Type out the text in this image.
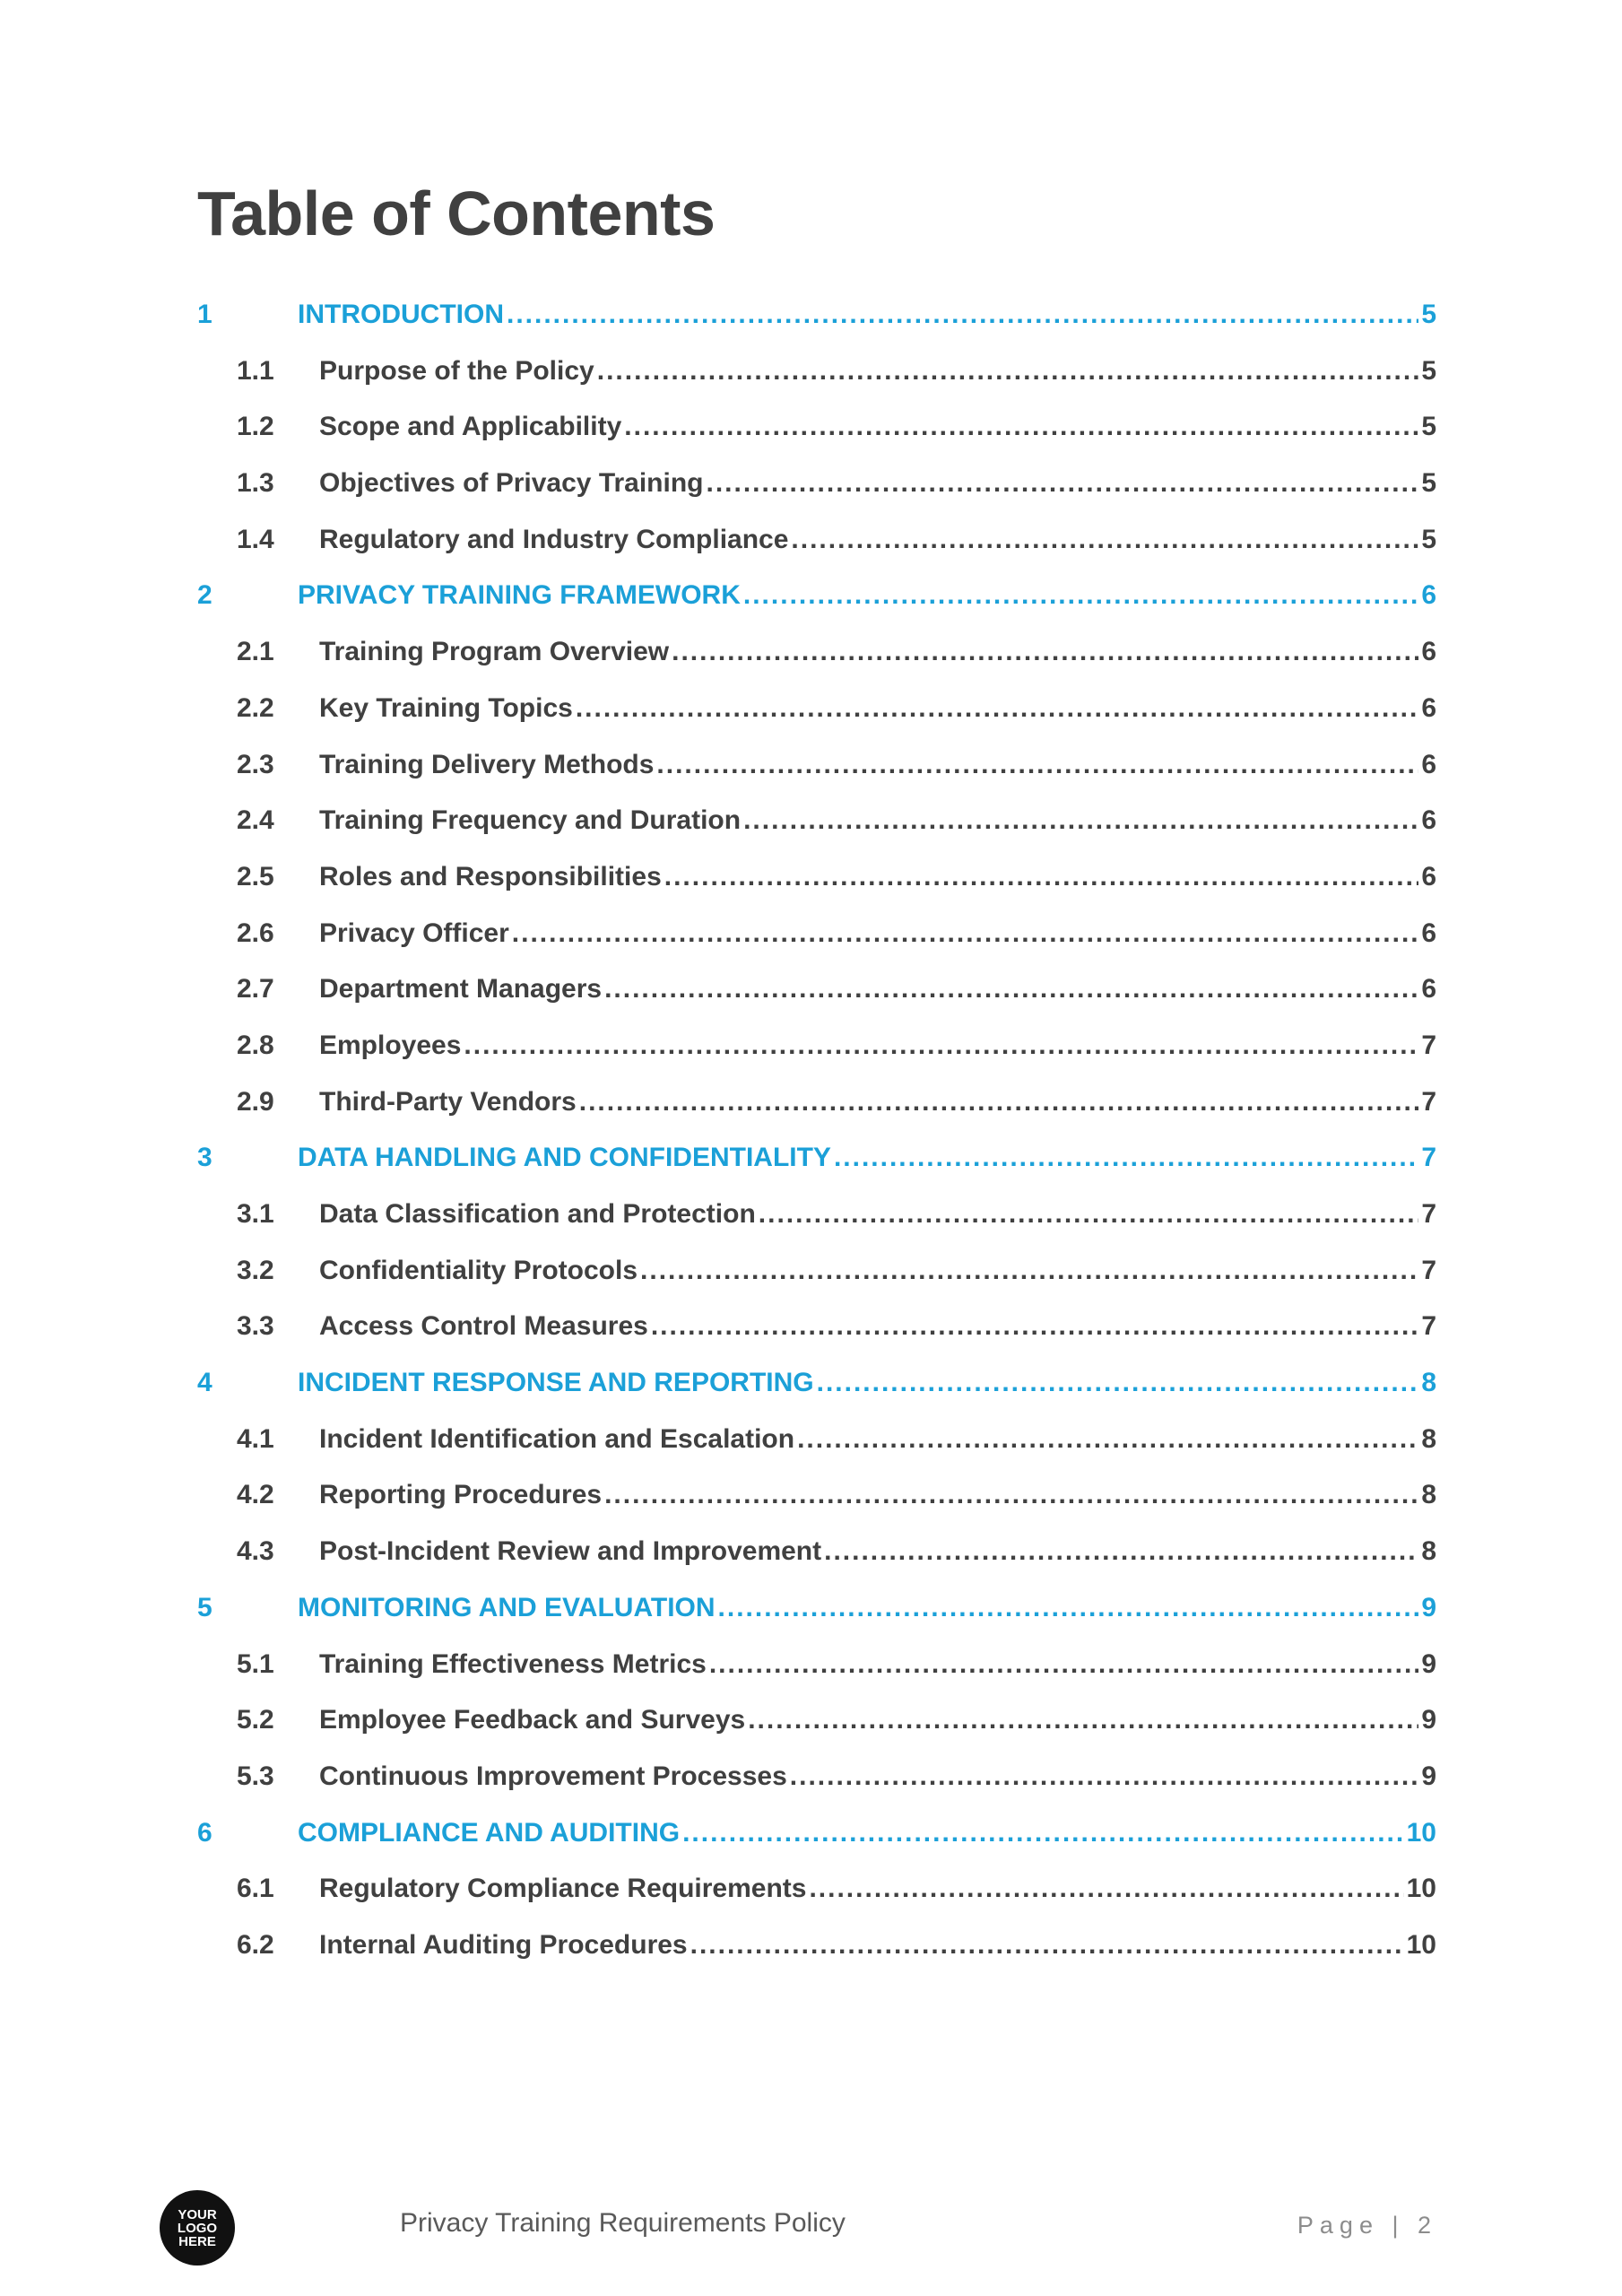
Table of Contents
1	INTRODUCTION .....	5
1.1	Purpose of the Policy .....	5
1.2	Scope and Applicability .....	5
1.3	Objectives of Privacy Training .....	5
1.4	Regulatory and Industry Compliance .....	5
2	PRIVACY TRAINING FRAMEWORK .....	6
2.1	Training Program Overview .....	6
2.2	Key Training Topics .....	6
2.3	Training Delivery Methods .....	6
2.4	Training Frequency and Duration .....	6
2.5	Roles and Responsibilities .....	6
2.6	Privacy Officer .....	6
2.7	Department Managers .....	6
2.8	Employees .....	7
2.9	Third-Party Vendors .....	7
3	DATA HANDLING AND CONFIDENTIALITY .....	7
3.1	Data Classification and Protection .....	7
3.2	Confidentiality Protocols .....	7
3.3	Access Control Measures .....	7
4	INCIDENT RESPONSE AND REPORTING .....	8
4.1	Incident Identification and Escalation .....	8
4.2	Reporting Procedures .....	8
4.3	Post-Incident Review and Improvement .....	8
5	MONITORING AND EVALUATION .....	9
5.1	Training Effectiveness Metrics .....	9
5.2	Employee Feedback and Surveys .....	9
5.3	Continuous Improvement Processes .....	9
6	COMPLIANCE AND AUDITING .....	10
6.1	Regulatory Compliance Requirements .....	10
6.2	Internal Auditing Procedures .....	10
YOUR
LOGO
HERE
Privacy Training Requirements Policy	Page | 2
